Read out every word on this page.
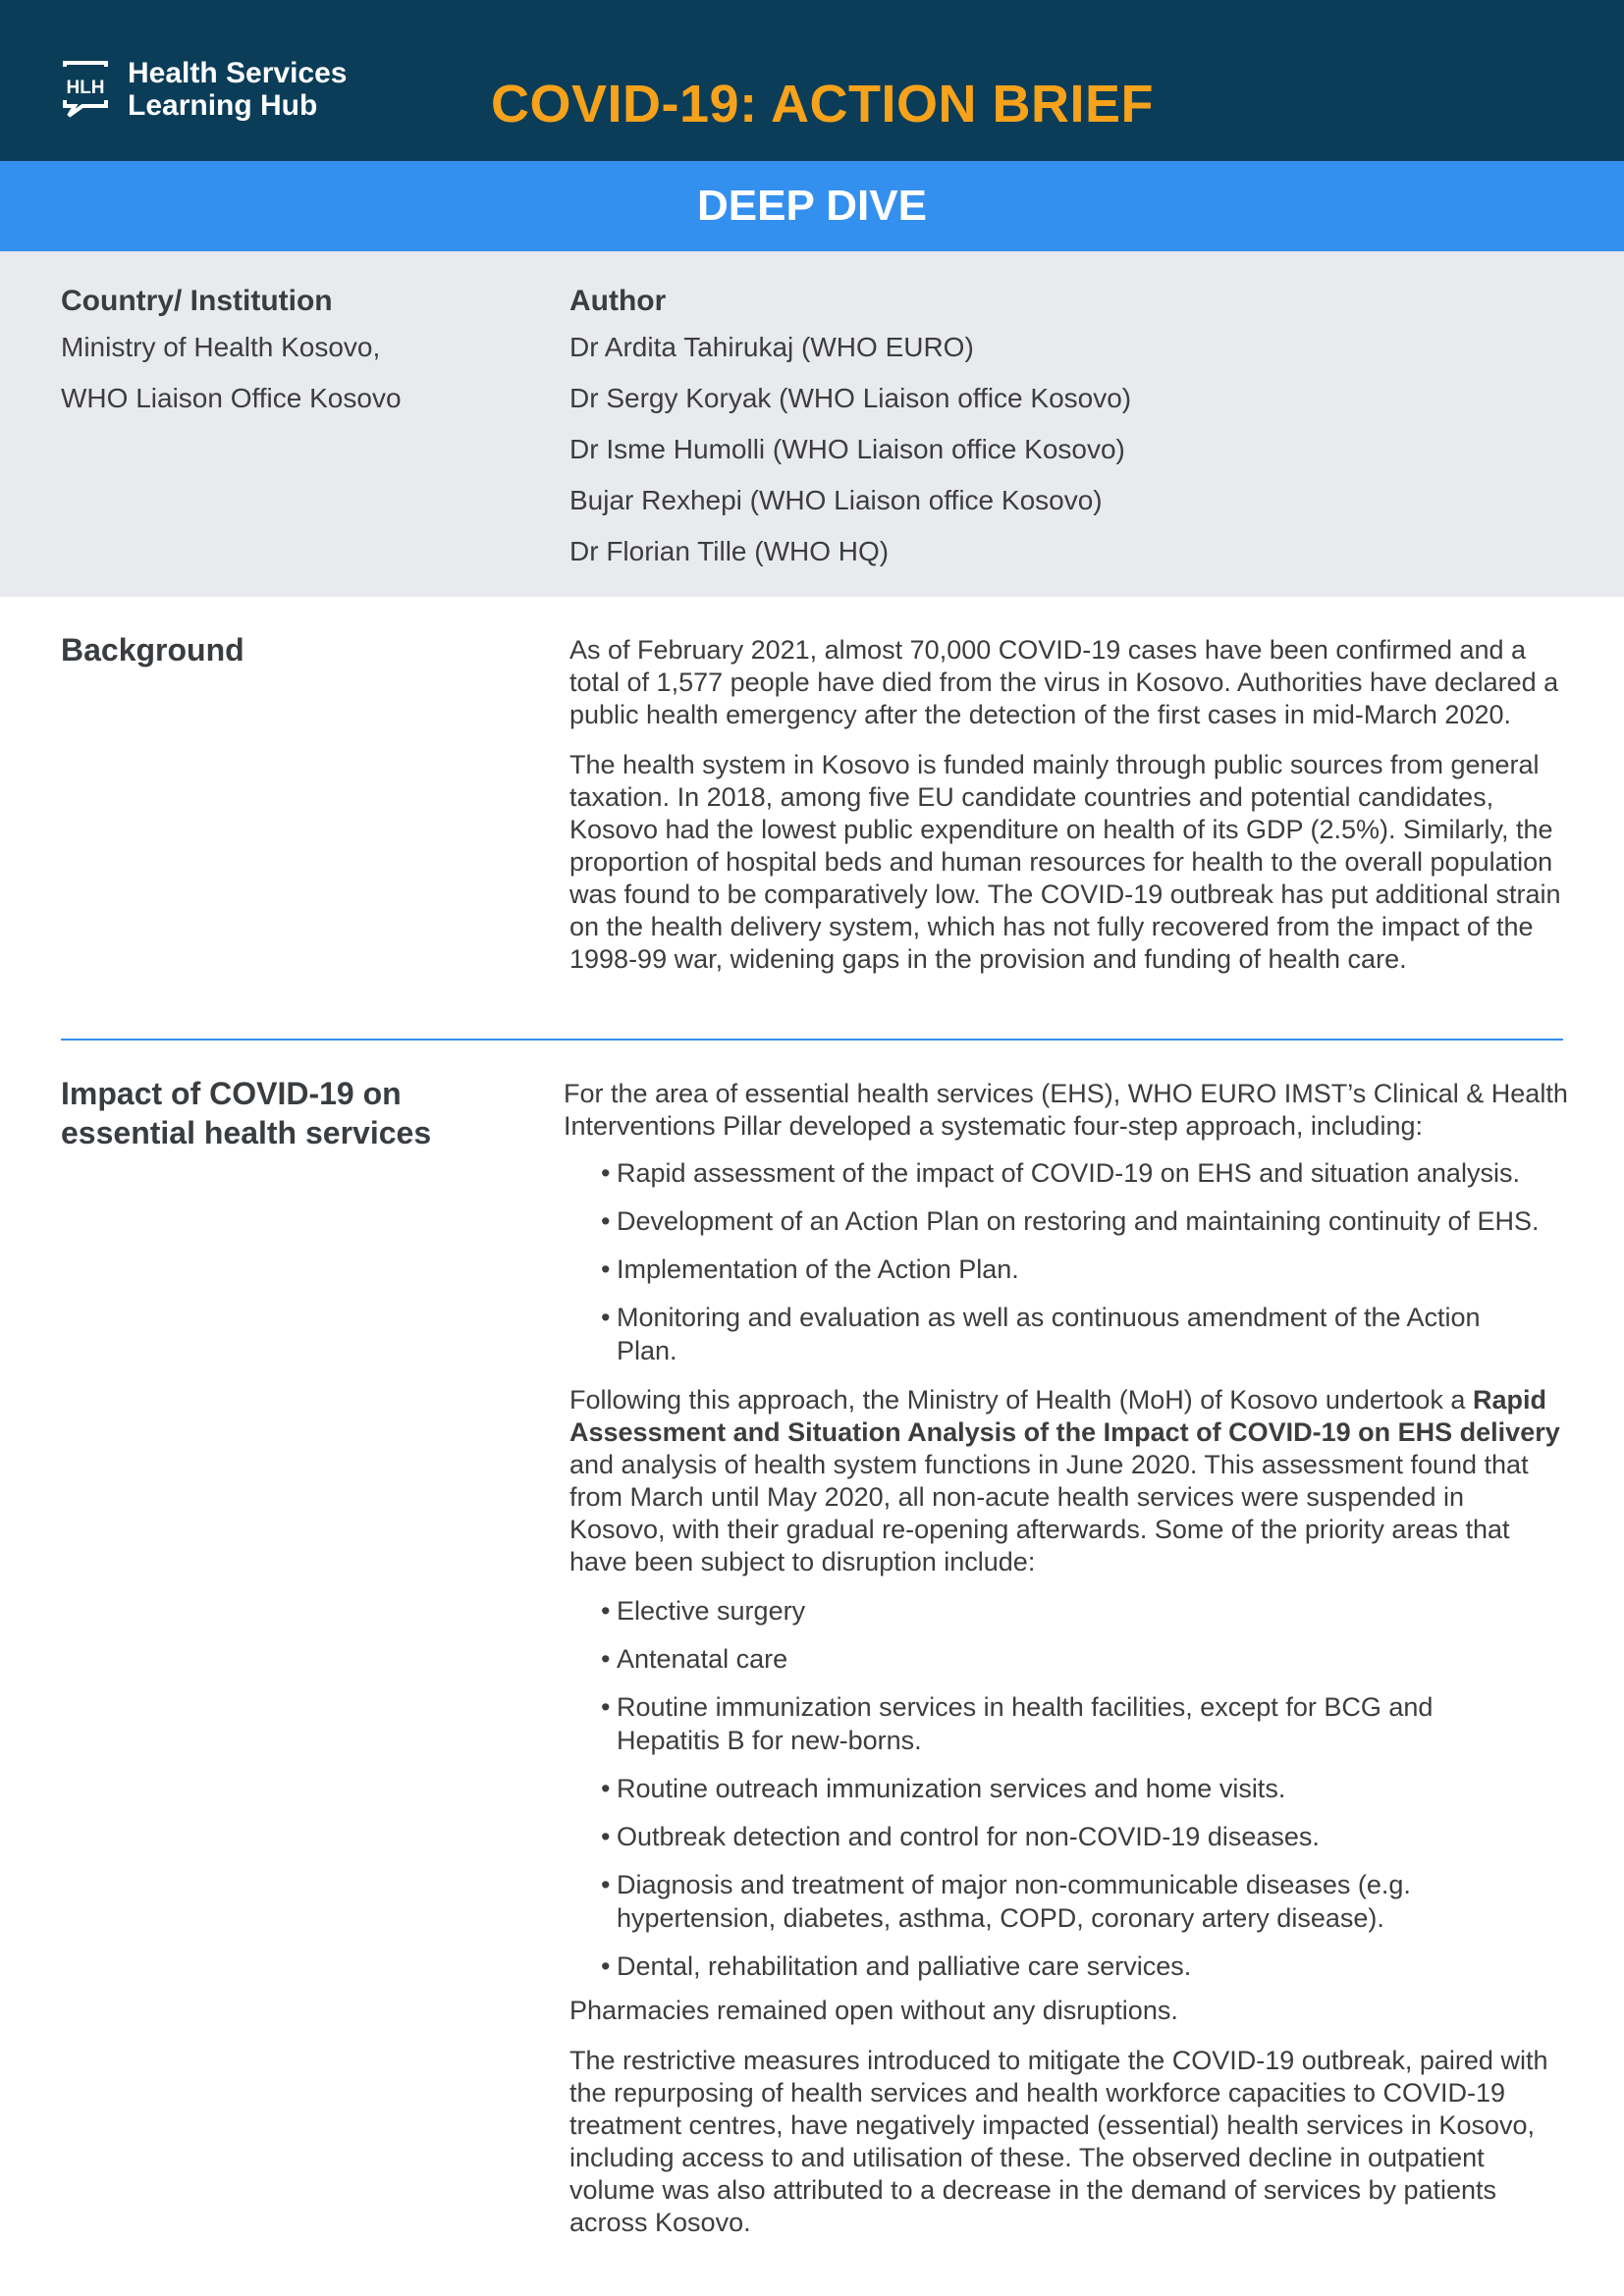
HLH Health Services
Learning Hub	COVID-19: ACTION BRIEF
DEEP DIVE
Country/ Institution
Ministry of Health Kosovo,
WHO Liaison Office Kosovo
Author
Dr Ardita Tahirukaj (WHO EURO)
Dr Sergy Koryak (WHO Liaison office Kosovo)
Dr Isme Humolli (WHO Liaison office Kosovo)
Bujar Rexhepi (WHO Liaison office Kosovo)
Dr Florian Tille (WHO HQ)
Background	As of February 2021, almost 70,000 COVID-19 cases have been confirmed and a total of 1,577 people have died from the virus in Kosovo. Authorities have declared a public health emergency after the detection of the first cases in mid-March 2020.

The health system in Kosovo is funded mainly through public sources from general taxation. In 2018, among five EU candidate countries and potential candidates, Kosovo had the lowest public expenditure on health of its GDP (2.5%). Similarly, the proportion of hospital beds and human resources for health to the overall population was found to be comparatively low. The COVID-19 outbreak has put additional strain on the health delivery system, which has not fully recovered from the impact of the 1998-99 war, widening gaps in the provision and funding of health care.

Impact of COVID-19 on
essential health services

For the area of essential health services (EHS), WHO EURO IMST’s Clinical & Health Interventions Pillar developed a systematic four-step approach, including:

• Rapid assessment of the impact of COVID-19 on EHS and situation analysis.
• Development of an Action Plan on restoring and maintaining continuity of EHS.
• Implementation of the Action Plan.
• Monitoring and evaluation as well as continuous amendment of the Action Plan.

Following this approach, the Ministry of Health (MoH) of Kosovo undertook a Rapid Assessment and Situation Analysis of the Impact of COVID-19 on EHS delivery and analysis of health system functions in June 2020. This assessment found that from March until May 2020, all non-acute health services were suspended in Kosovo, with their gradual re-opening afterwards. Some of the priority areas that have been subject to disruption include:

• Elective surgery
• Antenatal care
• Routine immunization services in health facilities, except for BCG and Hepatitis B for new-borns.
• Routine outreach immunization services and home visits.
• Outbreak detection and control for non-COVID-19 diseases.
• Diagnosis and treatment of major non-communicable diseases (e.g. hypertension, diabetes, asthma, COPD, coronary artery disease).
• Dental, rehabilitation and palliative care services.

Pharmacies remained open without any disruptions.

The restrictive measures introduced to mitigate the COVID-19 outbreak, paired with the repurposing of health services and health workforce capacities to COVID-19 treatment centres, have negatively impacted (essential) health services in Kosovo, including access to and utilisation of these. The observed decline in outpatient volume was also attributed to a decrease in the demand of services by patients across Kosovo.
